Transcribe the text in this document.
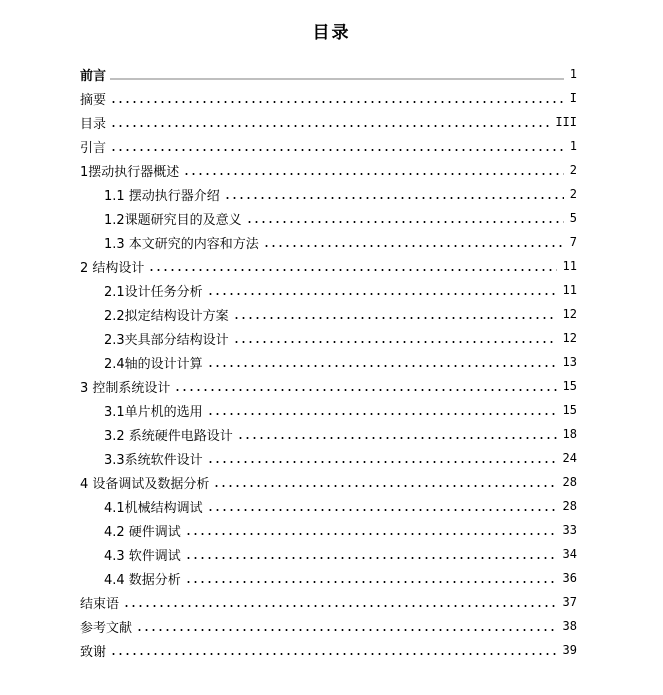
目录
前言	1
摘要	I
目录	III
引言	1
1摆动执行器概述	2
1.1 摆动执行器介绍	2
1.2课题研究目的及意义	5
1.3 本文研究的内容和方法	7
2 结构设计	11
2.1设计任务分析	11
2.2拟定结构设计方案	12
2.3夹具部分结构设计	12
2.4轴的设计计算	13
3 控制系统设计	15
3.1单片机的选用	15
3.2 系统硬件电路设计	18
3.3系统软件设计	24
4 设备调试及数据分析	28
4.1机械结构调试	28
4.2 硬件调试	33
4.3 软件调试	34
4.4 数据分析	36
结束语	37
参考文献	38
致谢	39
